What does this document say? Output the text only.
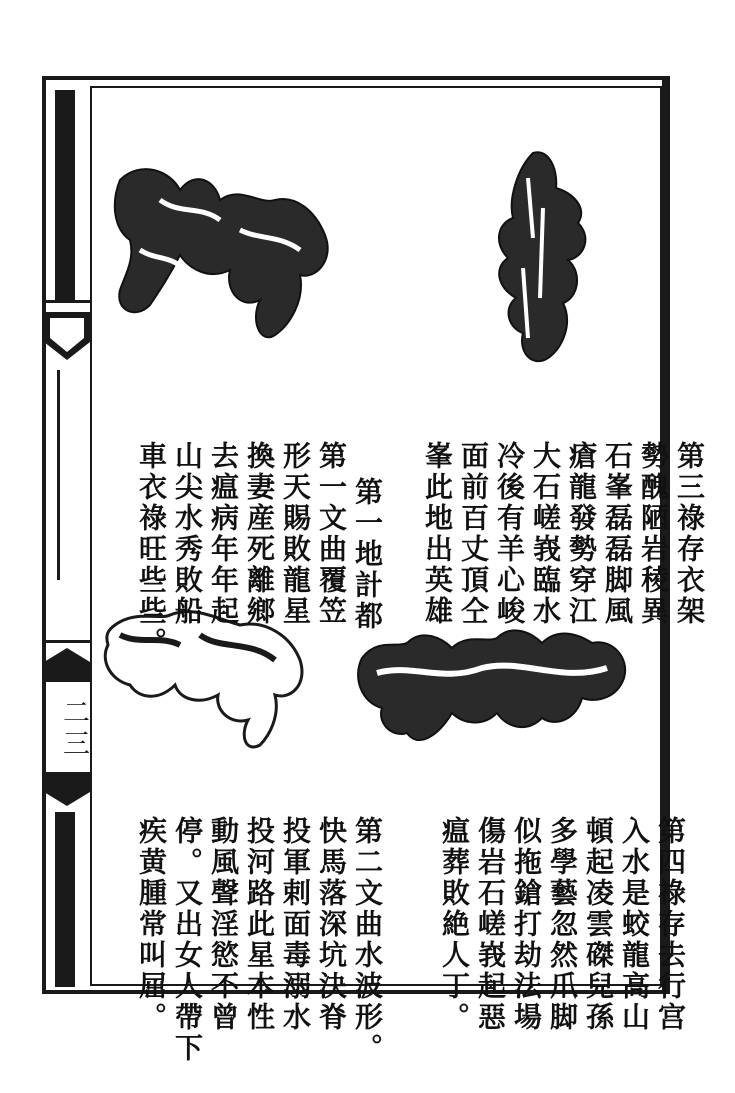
二三

第三祿存衣架
勢醜陋岩稜異
石峯磊磊脚風
瘡龍發勢穿江
大石嵯峩臨水
冷後有羊心峻
面前百丈頂仝
峯此地出英雄

第一地計都
第一文曲覆笠
形天賜敗龍星
換妻産死離鄉
去瘟病年年起
山尖水秀敗船
車衣祿旺些些。

第四祿存去行宫
入水是蛟龍高山
頓起凌雲磔兒孫
多學藝忽然爪脚
似拖鎗打劫法場
傷岩石嵯峩起惡
瘟葬敗絶人丁。

第二文曲水波形。
快馬落深坑決脊
投軍剌面毒溺水
投河路此星本性
動風聲淫慾不曾
停。又出女人帶下
疾黄腫常叫屈。
